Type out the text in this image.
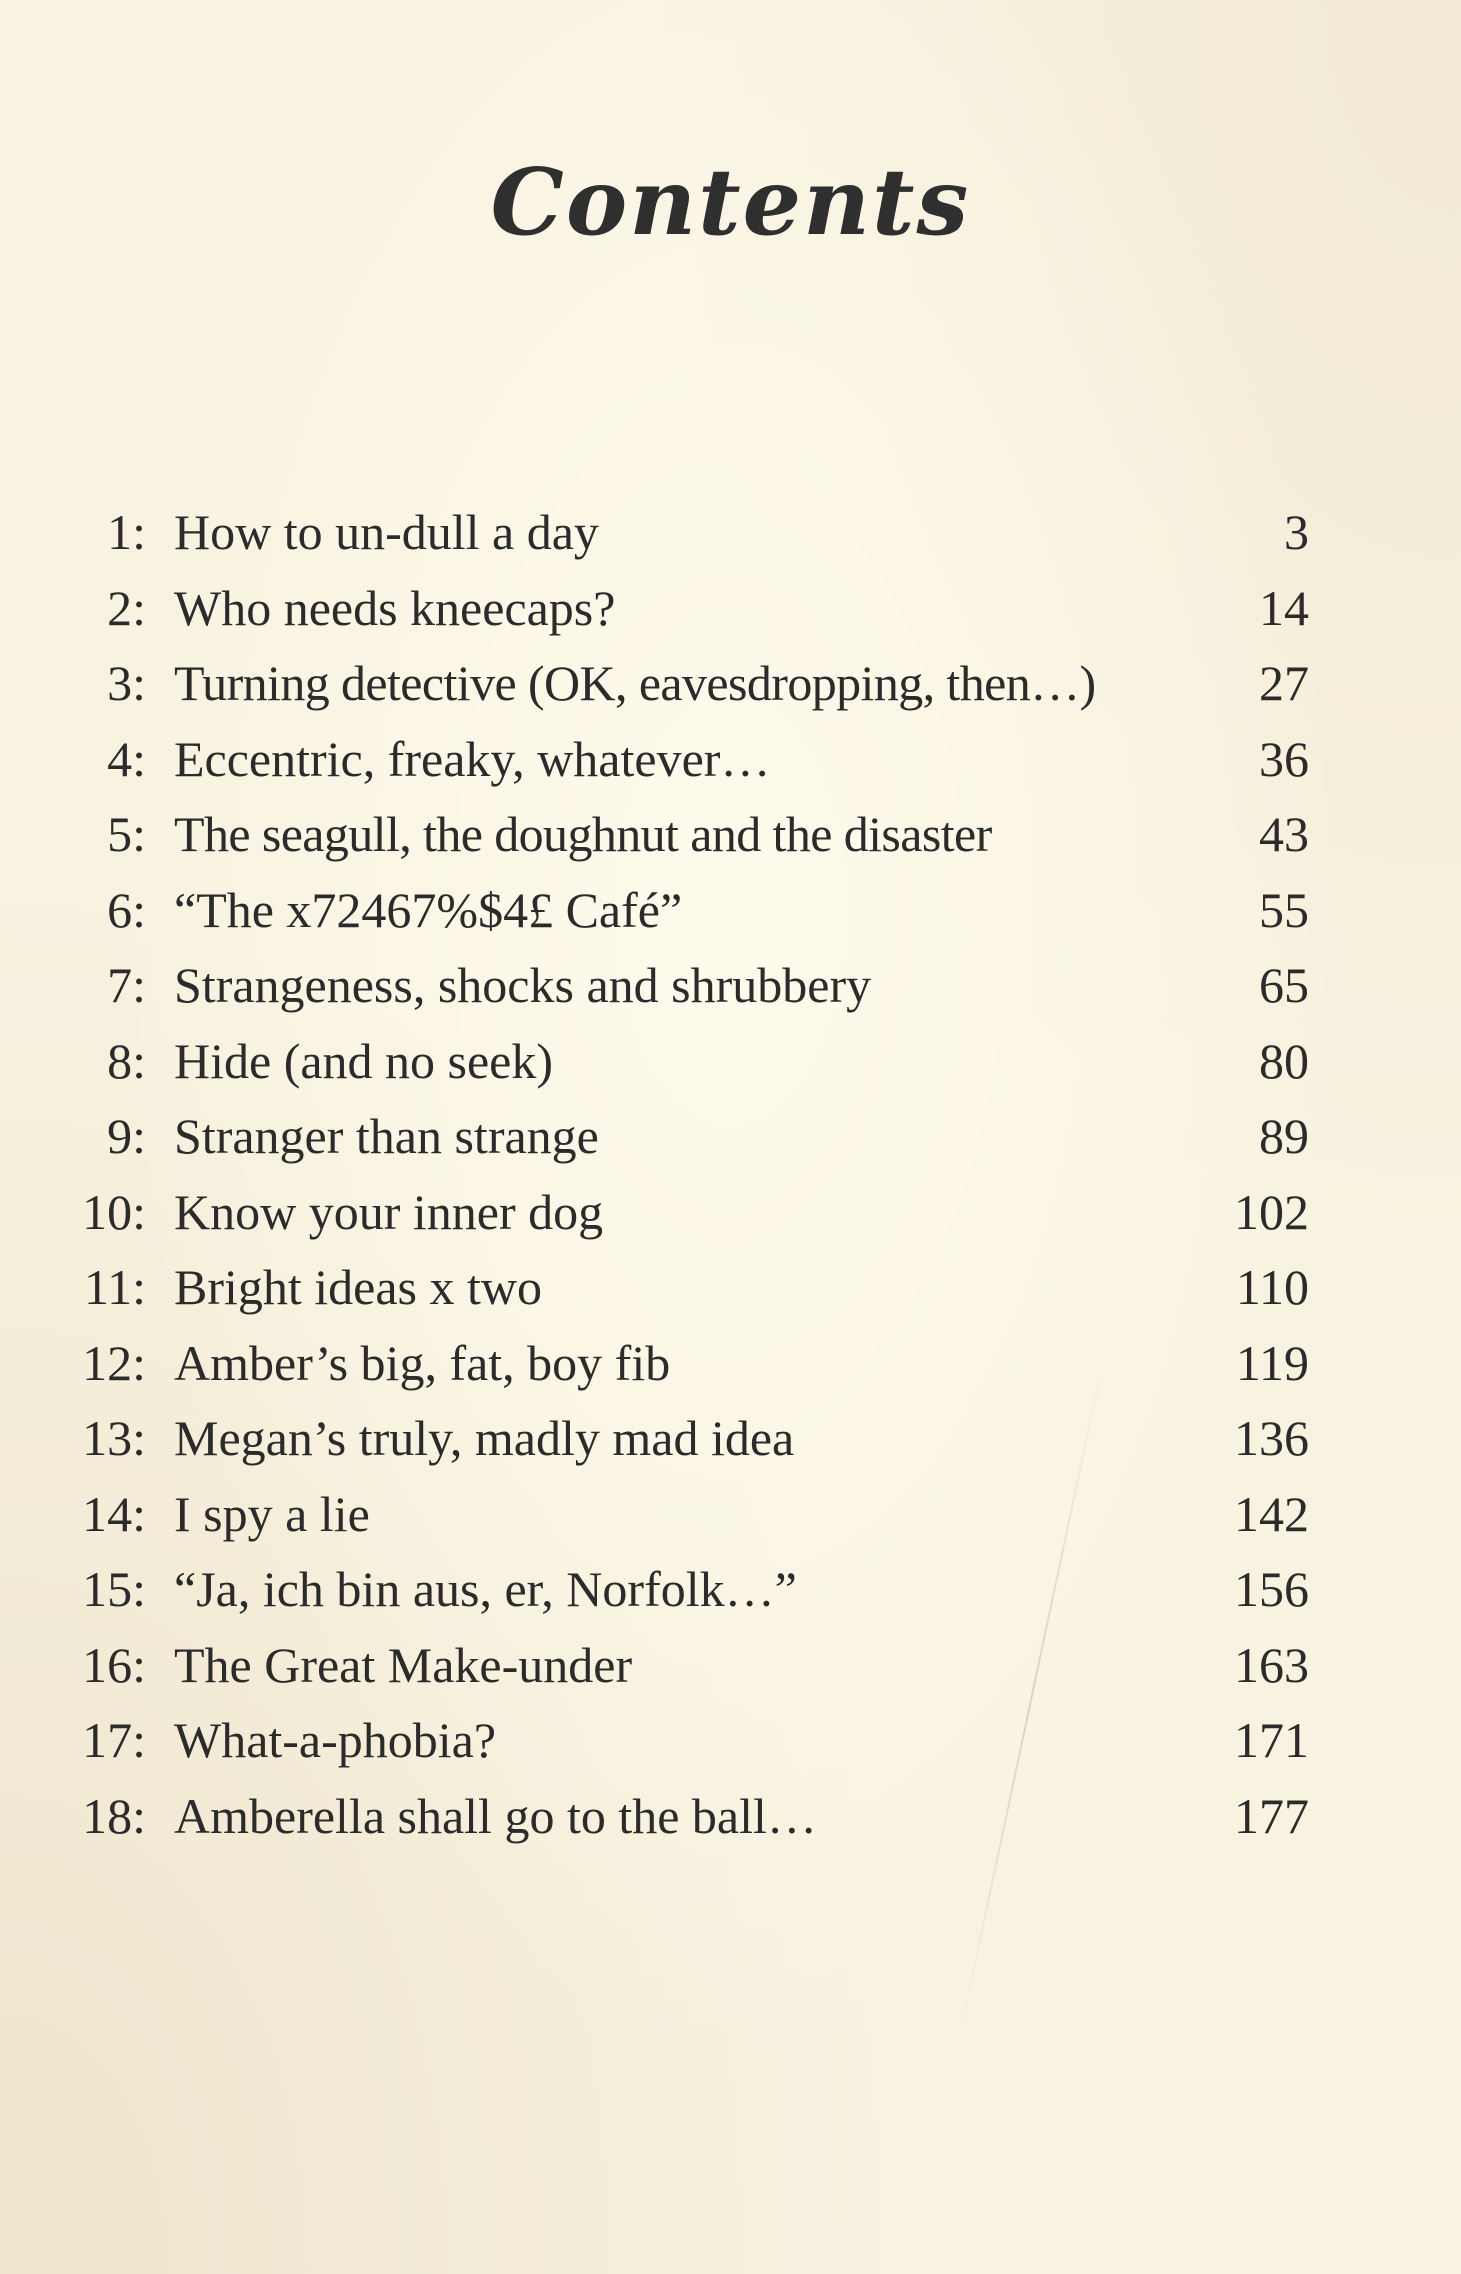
Contents
1: How to un-dull a day	3
2: Who needs kneecaps?	14
3: Turning detective (OK, eavesdropping, then…)	27
4: Eccentric, freaky, whatever…	36
5: The seagull, the doughnut and the disaster	43
6: “The x72467%$4£ Café”	55
7: Strangeness, shocks and shrubbery	65
8: Hide (and no seek)	80
9: Stranger than strange	89
10: Know your inner dog	102
11: Bright ideas x two	110
12: Amber’s big, fat, boy fib	119
13: Megan’s truly, madly mad idea	136
14: I spy a lie	142
15: “Ja, ich bin aus, er, Norfolk…”	156
16: The Great Make-under	163
17: What-a-phobia?	171
18: Amberella shall go to the ball…	177
